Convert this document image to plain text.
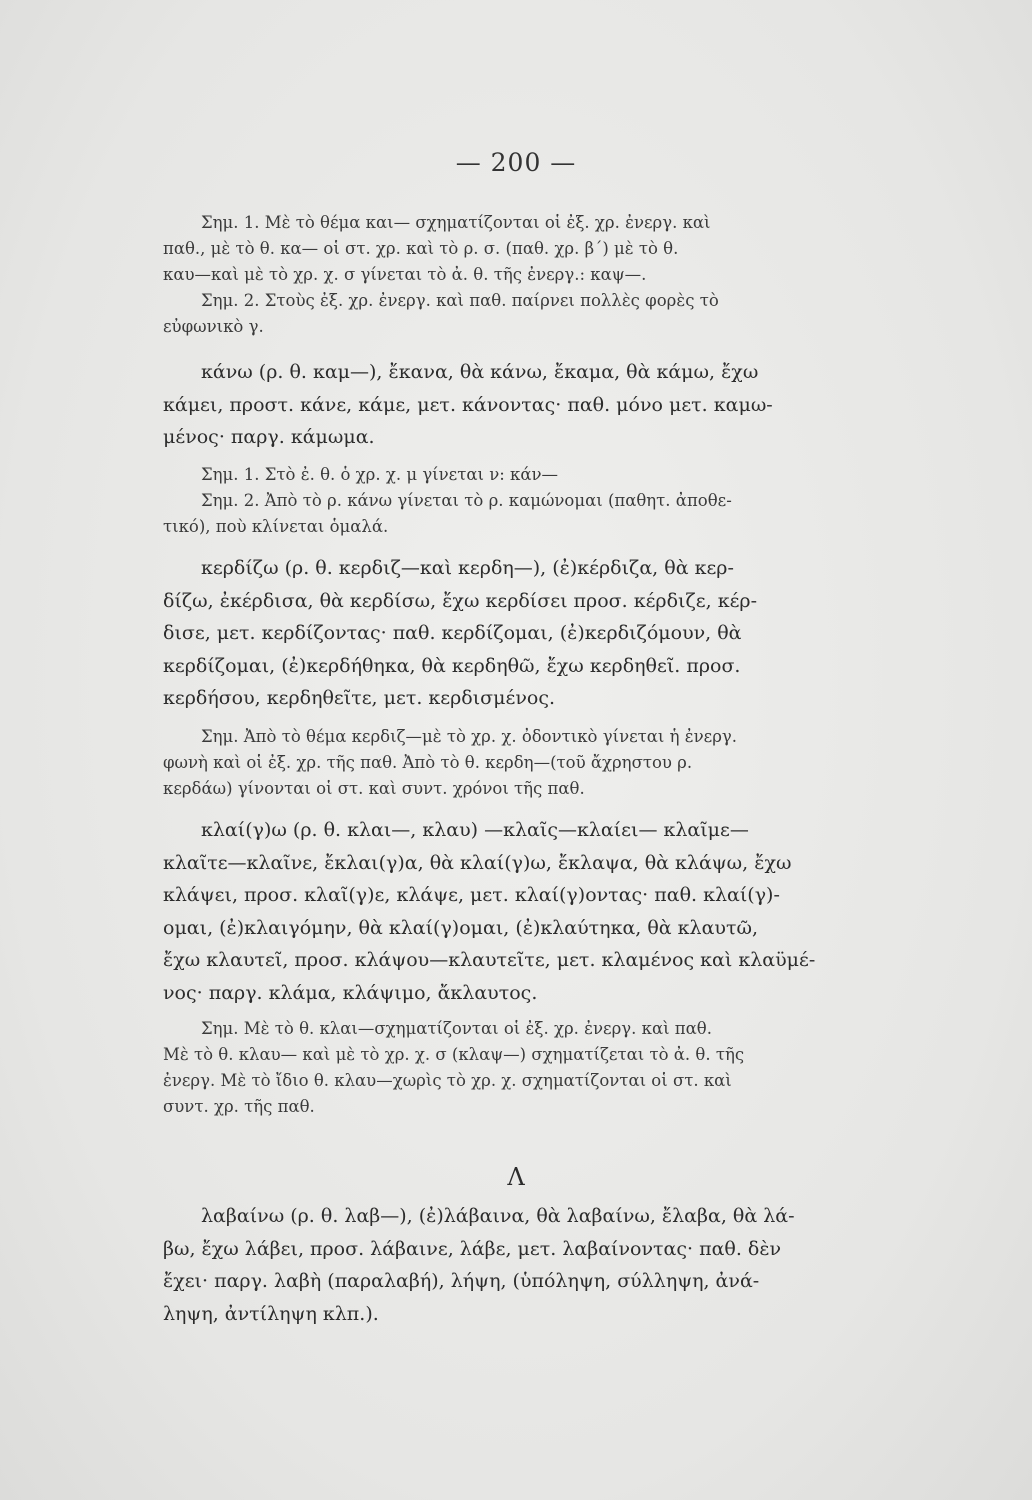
— 200 —
Σημ. 1. Μὲ τὸ θέμα και— σχηματίζονται οἱ ἐξ. χρ. ἐνεργ. καὶ
παθ., μὲ τὸ θ. κα— οἱ στ. χρ. καὶ τὸ ρ. σ. (παθ. χρ. β΄) μὲ τὸ θ.
καυ—καὶ μὲ τὸ χρ. χ. σ γίνεται τὸ ἀ. θ. τῆς ἐνεργ.: καψ—.
Σημ. 2. Στοὺς ἐξ. χρ. ἐνεργ. καὶ παθ. παίρνει πολλὲς φορὲς τὸ
εὐφωνικὸ γ.
κάνω (ρ. θ. καμ—), ἔκανα, θὰ κάνω, ἔκαμα, θὰ κάμω, ἔχω
κάμει, προστ. κάνε, κάμε, μετ. κάνοντας· παθ. μόνο μετ. καμω-
μένος· παργ. κάμωμα.
Σημ. 1. Στὸ ἐ. θ. ὁ χρ. χ. μ γίνεται ν: κάν—
Σημ. 2. Ἀπὸ τὸ ρ. κάνω γίνεται τὸ ρ. καμώνομαι (παθητ. ἀποθε-
τικό), ποὺ κλίνεται ὁμαλά.
κερδίζω (ρ. θ. κερδιζ—καὶ κερδη—), (ἐ)κέρδιζα, θὰ κερ-
δίζω, ἐκέρδισα, θὰ κερδίσω, ἔχω κερδίσει προσ. κέρδιζε, κέρ-
δισε, μετ. κερδίζοντας· παθ. κερδίζομαι, (ἐ)κερδιζόμουν, θὰ
κερδίζομαι, (ἐ)κερδήθηκα, θὰ κερδηθῶ, ἔχω κερδηθεῖ. προσ.
κερδήσου, κερδηθεῖτε, μετ. κερδισμένος.
Σημ. Ἀπὸ τὸ θέμα κερδιζ—μὲ τὸ χρ. χ. ὀδοντικὸ γίνεται ἡ ἐνεργ.
φωνὴ καὶ οἱ ἐξ. χρ. τῆς παθ. Ἀπὸ τὸ θ. κερδη—(τοῦ ἄχρηστου ρ.
κερδάω) γίνονται οἱ στ. καὶ συντ. χρόνοι τῆς παθ.
κλαί(γ)ω (ρ. θ. κλαι—, κλαυ) —κλαῖς—κλαίει— κλαῖμε—
κλαῖτε—κλαῖνε, ἔκλαι(γ)α, θὰ κλαί(γ)ω, ἔκλαψα, θὰ κλάψω, ἔχω
κλάψει, προσ. κλαῖ(γ)ε, κλάψε, μετ. κλαί(γ)οντας· παθ. κλαί(γ)-
ομαι, (ἐ)κλαιγόμην, θὰ κλαί(γ)ομαι, (ἐ)κλαύτηκα, θὰ κλαυτῶ,
ἔχω κλαυτεῖ, προσ. κλάψου—κλαυτεῖτε, μετ. κλαμένος καὶ κλαϋμέ-
νος· παργ. κλάμα, κλάψιμο, ἄκλαυτος.
Σημ. Μὲ τὸ θ. κλαι—σχηματίζονται οἱ ἐξ. χρ. ἐνεργ. καὶ παθ.
Μὲ τὸ θ. κλαυ— καὶ μὲ τὸ χρ. χ. σ (κλαψ—) σχηματίζεται τὸ ἀ. θ. τῆς
ἐνεργ. Μὲ τὸ ἴδιο θ. κλαυ—χωρὶς τὸ χρ. χ. σχηματίζονται οἱ στ. καὶ
συντ. χρ. τῆς παθ.
Λ
λαβαίνω (ρ. θ. λαβ—), (ἐ)λάβαινα, θὰ λαβαίνω, ἔλαβα, θὰ λά-
βω, ἔχω λάβει, προσ. λάβαινε, λάβε, μετ. λαβαίνοντας· παθ. δὲν
ἔχει· παργ. λαβὴ (παραλαβή), λήψη, (ὑπόληψη, σύλληψη, ἀνά-
ληψη, ἀντίληψη κλπ.).
